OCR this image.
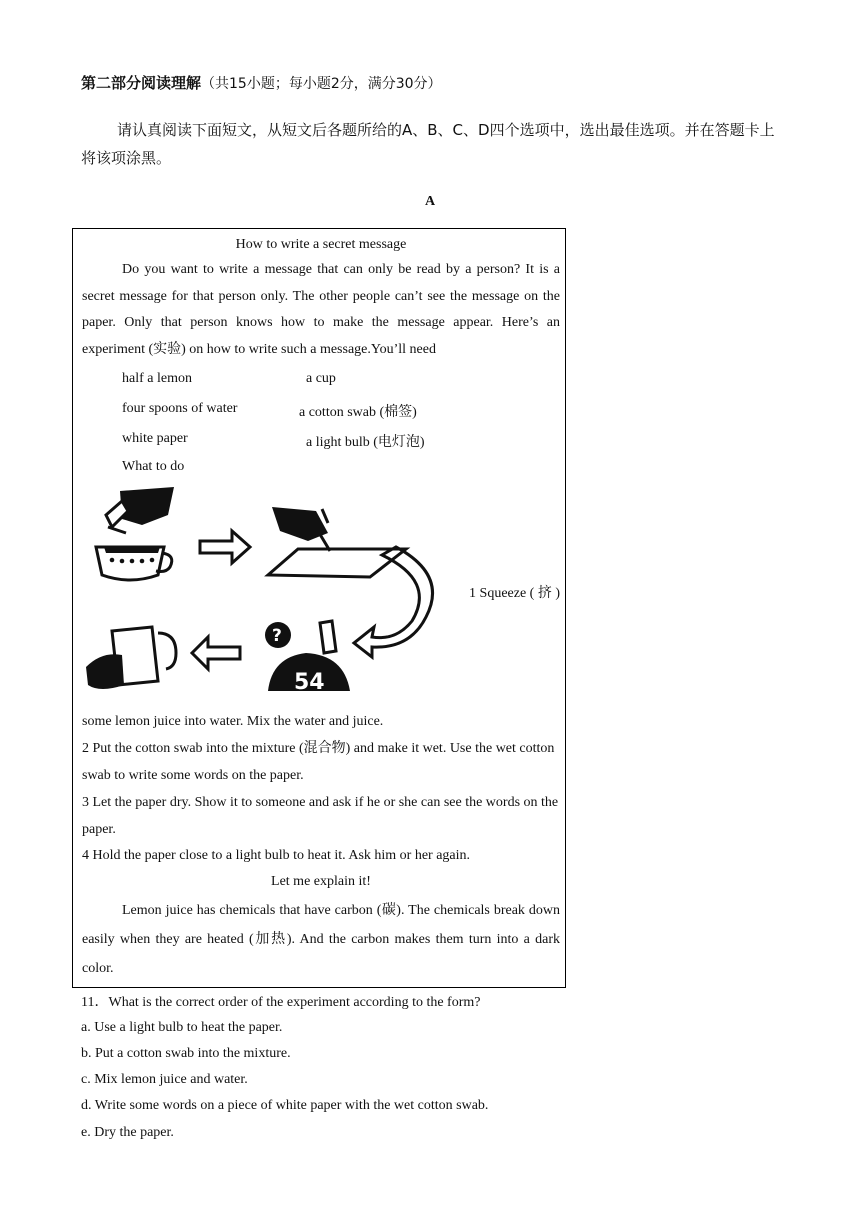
第二部分阅读理解（共15小题；每小题2分，满分30分）
请认真阅读下面短文，从短文后各题所给的A、B、C、D四个选项中，选出最佳选项。并在答题卡上将该项涂黑。
A
How to write a secret message
Do you want to write a message that can only be read by a person? It is a secret message for that person only. The other people can’t see the message on the paper. Only that person knows how to make the message appear. Here’s an experiment (实验) on how to write such a message.You’ll need
half a lemon	a cup
four spoons of water	a cotton swab (棉签)
white paper	a light bulb (电灯泡)
What to do
?
54
1 Squeeze ( 挤 )
some lemon juice into water. Mix the water and juice.
2 Put the cotton swab into the mixture (混合物) and make it wet. Use the wet cotton swab to write some words on the paper.
3 Let the paper dry. Show it to someone and ask if he or she can see the words on the paper.
4 Hold the paper close to a light bulb to heat it. Ask him or her again.
Let me explain it!
Lemon juice has chemicals that have carbon (碳). The chemicals break down easily when they are heated (加热). And the carbon makes them turn into a dark color.
11．What is the correct order of the experiment according to the form?
a. Use a light bulb to heat the paper.
b. Put a cotton swab into the mixture.
c. Mix lemon juice and water.
d. Write some words on a piece of white paper with the wet cotton swab.
e. Dry the paper.
